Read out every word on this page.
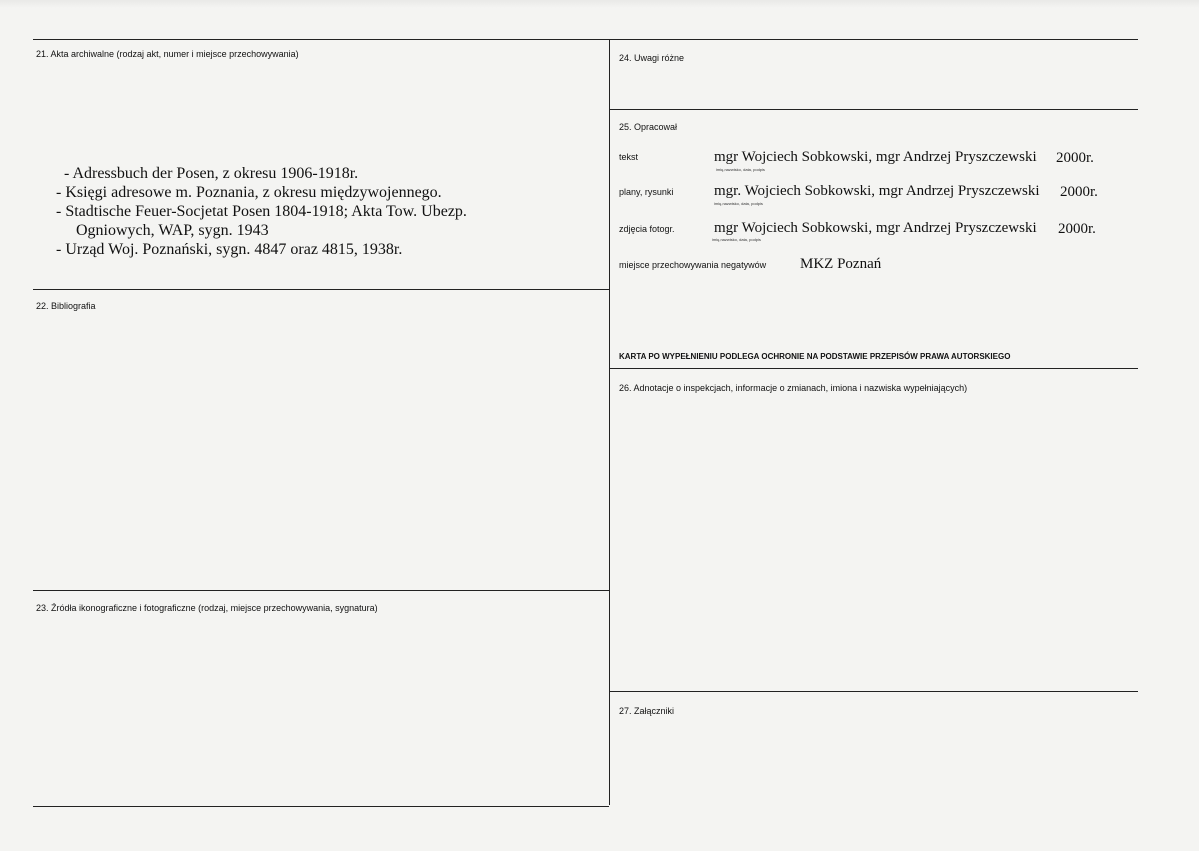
21. Akta archiwalne (rodzaj akt, numer i miejsce przechowywania)

- Adressbuch der Posen, z okresu 1906-1918r.

- Księgi adresowe m. Poznania, z okresu międzywojennego.

- Stadtische Feuer-Socjetat Posen 1804-1918; Akta Tow. Ubezp.

Ogniowych, WAP, sygn. 1943

- Urząd Woj. Poznański, sygn. 4847 oraz 4815, 1938r.

22. Bibliografia
23. Źródła ikonograficzne i fotograficzne (rodzaj, miejsce przechowywania, sygnatura)
24. Uwagi różne
25. Opracował
tekst	mgr Wojciech Sobkowski, mgr Andrzej Pryszczewski
imię,nazwisko, data, podpis
2000r.
plany, rysunki	mgr. Wojciech Sobkowski, mgr Andrzej Pryszczewski
imię,nazwisko, data, podpis
2000r.
zdjęcia fotogr.	mgr Wojciech Sobkowski, mgr Andrzej Pryszczewski
imię,nazwisko, data, podpis
2000r.
miejsce przechowywania negatywów MKZ Poznań
KARTA PO WYPEŁNIENIU PODLEGA OCHRONIE NA PODSTAWIE PRZEPISÓW PRAWA AUTORSKIEGO
26. Adnotacje o inspekcjach, informacje o zmianach, imiona i nazwiska wypełniających)
27. Załączniki
